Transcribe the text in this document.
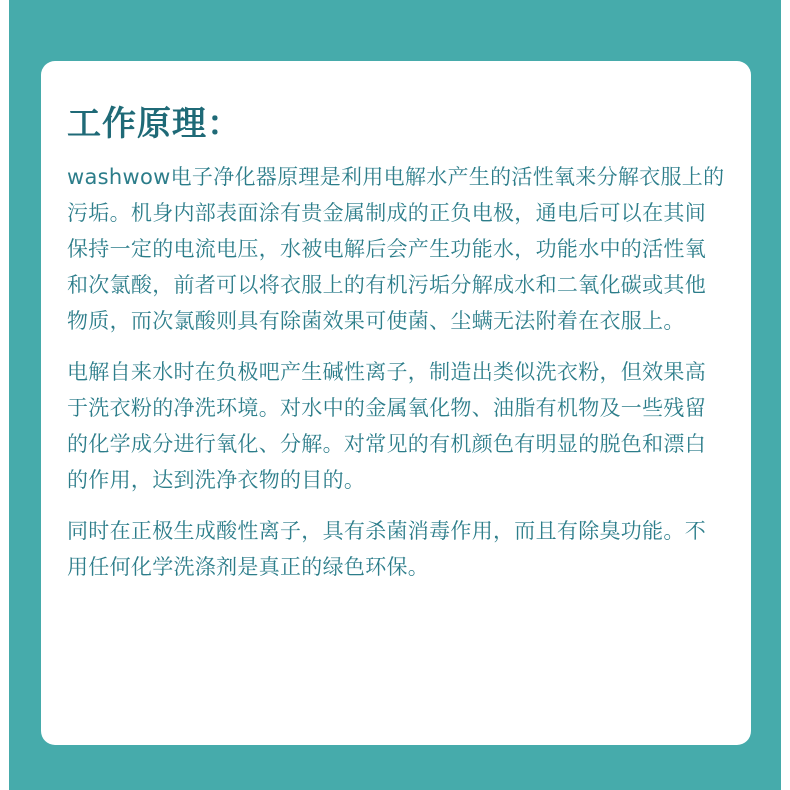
工作原理：

washwow电子净化器原理是利用电解水产生的活性氧来分解衣服上的污垢。机身内部表面涂有贵金属制成的正负电极，通电后可以在其间保持一定的电流电压，水被电解后会产生功能水，功能水中的活性氧和次氯酸，前者可以将衣服上的有机污垢分解成水和二氧化碳或其他物质，而次氯酸则具有除菌效果可使菌、尘螨无法附着在衣服上。

电解自来水时在负极吧产生碱性离子，制造出类似洗衣粉，但效果高于洗衣粉的净洗环境。对水中的金属氧化物、油脂有机物及一些残留的化学成分进行氧化、分解。对常见的有机颜色有明显的脱色和漂白的作用，达到洗净衣物的目的。

同时在正极生成酸性离子，具有杀菌消毒作用，而且有除臭功能。不用任何化学洗涤剂是真正的绿色环保。
